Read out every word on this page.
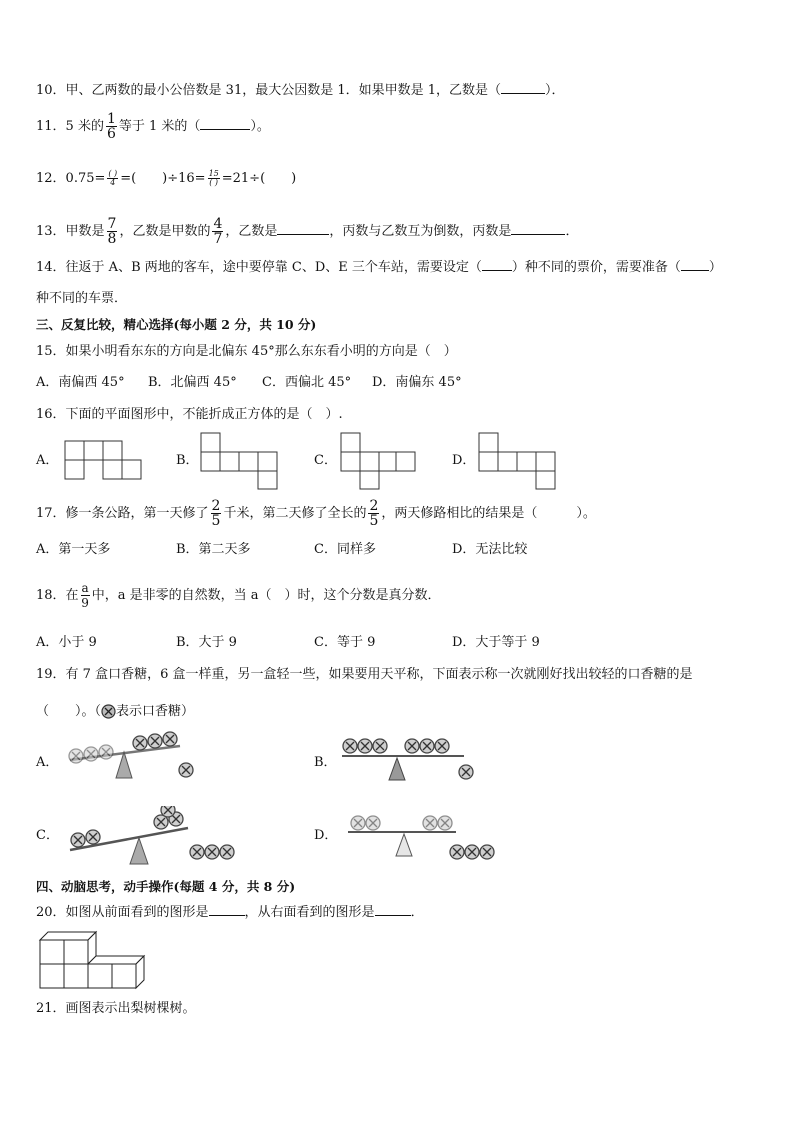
10．甲、乙两数的最小公倍数是 31，最大公因数是 1．如果甲数是 1，乙数是（	）．
11．5 米的 $\frac{1}{6}$ 等于 1 米的（	）。
12．$0.75= \frac{( )}{4}$ =(　　)$\div 16= \frac{15}{( )} =21\div$(　　)
13．甲数是 $\frac{7}{8}$ ，乙数是甲数的 $\frac{4}{7}$ ，乙数是	，丙数与乙数互为倒数，丙数是	．
14．往返于 A、B 两地的客车，途中要停靠 C、D、E 三个车站，需要设定（ ）种不同的票价，需要准备（ ）
种不同的车票．
三、反复比较，精心选择(每小题 2 分，共 10 分)
15．如果小明看东东的方向是北偏东 45°那么东东看小明的方向是（　）
A．南偏西 45° B．北偏西 45° C．西偏北 45° D．南偏东 45°
16．下面的平面图形中，不能折成正方体的是（　）.
A．	B．	C．	D．
17．修一条公路，第一天修了 $\frac{2}{5}$ 千米，第二天修了全长的 $\frac{2}{5}$ ，两天修路相比的结果是（　　　）。
A．第一天多	B．第二天多	C．同样多	D．无法比较
18．在 $\frac{a}{9}$ 中，a 是非零的自然数，当 a（　）时，这个分数是真分数．
A．小于 9	B．大于 9	C．等于 9	D．大于等于 9
19．有 7 盒口香糖，6 盒一样重，另一盒轻一些，如果要用天平称，下面表示称一次就刚好找出较轻的口香糖的是
（　　）。（ 表示口香糖）
A．	B．
C．	D．
四、动脑思考，动手操作(每题 4 分，共 8 分)
20．如图从前面看到的图形是	，从右面看到的图形是	．
21．画图表示出梨树棵树。
